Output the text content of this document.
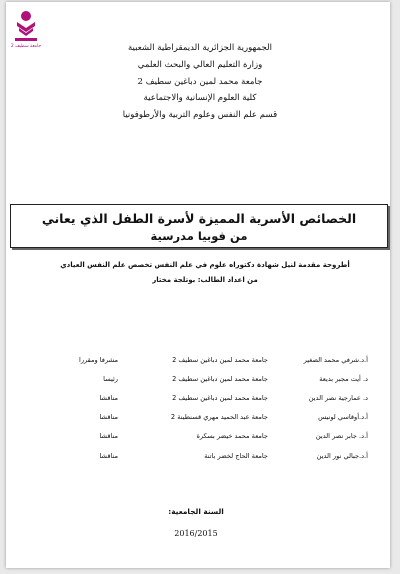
جامعة سطيف 2	الجمهورية الجزائرية الديمقراطية الشعبية
وزارة التعليم العالي والبحث العلمي
جامعة محمد لمين دباغين سطيف 2
كلية العلوم الإنسانية والاجتماعية
قسم علم النفس وعلوم التربية والأرطوفونيا
الخصائص الأسرية المميزة لأسرة الطفل الذي يعاني
من فوبيا مدرسية
أطروحة مقدمة لنيل شهادة دكتوراه علوم في علم النفس تخصص علم النفس العيادي
من اعداد الطالب: بوتلجة مختار
أ.د.شرفي محمد الصغير	جامعة محمد لمين دباغين سطيف 2	مشرفا ومقررا
د. أيت مجبر بديعة	جامعة محمد لمين دباغين سطيف 2	رئيسا
د. عمارجية نصر الدين	جامعة محمد لمين دباغين سطيف 2	مناقشا
أ.د.أوقاسي لونيس	جامعة عبد الحميد مهري قسنطينة 2	مناقشا
أ.د. جابر نصر الدين	جامعة محمد خيضر بسكرة	مناقشا
أ.د.جبالي نور الدين	جامعة الحاج لخضر باتنة	مناقشا
السنة الجامعية:
2016/2015
